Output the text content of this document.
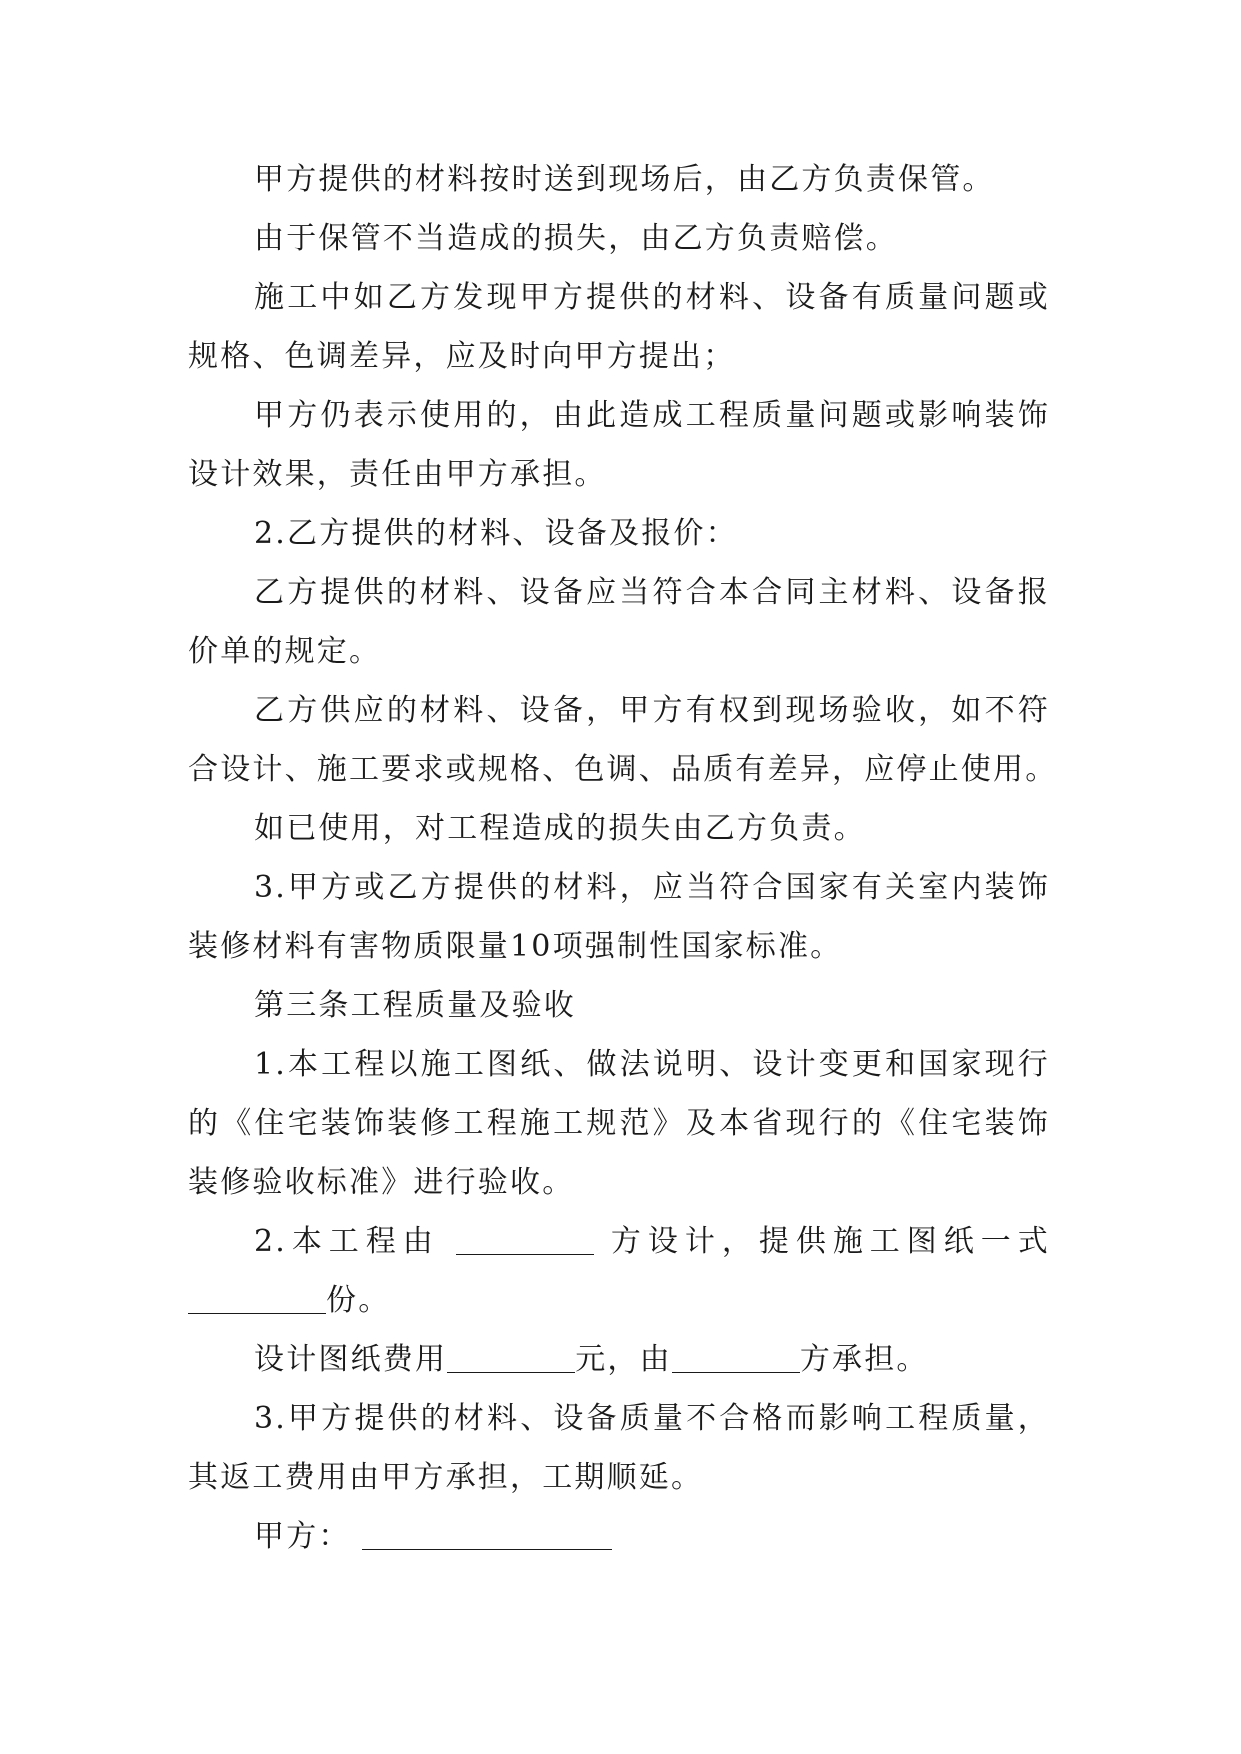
甲方提供的材料按时送到现场后，由乙方负责保管。
由于保管不当造成的损失，由乙方负责赔偿。
施工中如乙方发现甲方提供的材料、设备有质量问题或
规格、色调差异，应及时向甲方提出；
甲方仍表示使用的，由此造成工程质量问题或影响装饰
设计效果，责任由甲方承担。
2.乙方提供的材料、设备及报价：
乙方提供的材料、设备应当符合本合同主材料、设备报
价单的规定。
乙方供应的材料、设备，甲方有权到现场验收，如不符
合设计、施工要求或规格、色调、品质有差异，应停止使用。
如已使用，对工程造成的损失由乙方负责。
3.甲方或乙方提供的材料，应当符合国家有关室内装饰
装修材料有害物质限量10项强制性国家标准。
第三条工程质量及验收
1.本工程以施工图纸、做法说明、设计变更和国家现行
的《住宅装饰装修工程施工规范》及本省现行的《住宅装饰
装修验收标准》进行验收。
2.本工程由	方设计，提供施工图纸一式
份。
设计图纸费用	元，由	方承担。
3.甲方提供的材料、设备质量不合格而影响工程质量，
其返工费用由甲方承担，工期顺延。
甲方：
